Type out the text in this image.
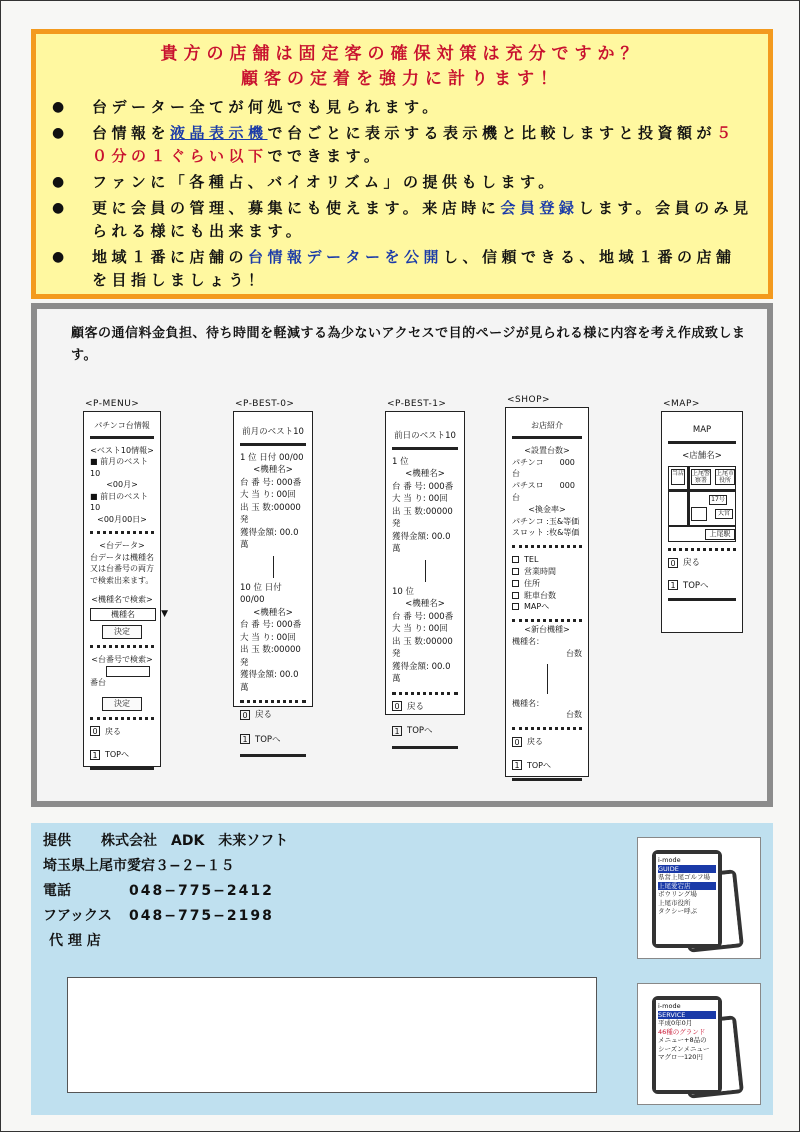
貴方の店舗は固定客の確保対策は充分ですか？
顧客の定着を強力に計ります！
● 台データー全てが何処でも見られます。
● 台情報を液晶表示機で台ごとに表示する表示機と比較しますと投資額が５０分の１ぐらい以下でできます。
● ファンに「各種占、バイオリズム」の提供もします。
● 更に会員の管理、募集にも使えます。来店時に会員登録します。会員のみ見られる様にも出来ます。
● 地域１番に店舗の台情報データーを公開し、信頼できる、地域１番の店舗を目指しましょう！
顧客の通信料金負担、待ち時間を軽減する為少ないアクセスで目的ページが見られる様に内容を考え作成致します。
<P-MENU>
パチンコ台情報
<ベスト10情報>
■ 前月のベスト10
<00月>
■ 前日のベスト10
<00月00日>
<台データ>
台データは機種名又は台番号の両方で検索出来ます。
<機種名で検索>
機種名 ▼
決定
<台番号で検索>
番台
決定
0 戻る
1 TOPへ
<P-BEST-0>
前月のベスト10
1 位 日付 00/00
<機種名>
台 番 号: 000番
大 当 り: 00回
出 玉 数:00000発
獲得金額: 00.0萬
10 位 日付 00/00
<機種名>
台 番 号: 000番
大 当 り: 00回
出 玉 数:00000発
獲得金額: 00.0萬
0 戻る
1 TOPへ
<P-BEST-1>
前日のベスト10
1 位
<機種名>
台 番 号: 000番
大 当 り: 00回
出 玉 数:00000発
獲得金額: 00.0萬
10 位
<機種名>
台 番 号: 000番
大 当 り: 00回
出 玉 数:00000発
獲得金額: 00.0萬
0 戻る
1 TOPへ
<SHOP>
お店紹介
<設置台数>
パチンコ　　000台
パチスロ　　000台
<換金率>
パチンコ :玉&等価
スロット :枚&等価
TEL
営業時間
住所
駐車台数
MAPへ
<新台機種>
機種名：
台数
機種名：
台数
0 戻る
1 TOPへ
<MAP>
MAP
<店舗名>
当店 上尾警察署
上尾市役所
17号
大宮
上尾駅
0 戻る
1 TOPへ
提供 株式会社　ADK　未来ソフト
埼玉県上尾市愛宕３−２−１５
電話	048−775−2412
フアックス 048−775−2198
代 理 店
i-mode
GUIDE
県営上尾ゴルフ場
上尾愛宕店
ボウリング場
上尾市役所
タクシー呼ぶ
i-mode
SERVICE
平成0年0月
46種のグランド
メニュー+8品の
シーズンメニュー
マグロ一120円
